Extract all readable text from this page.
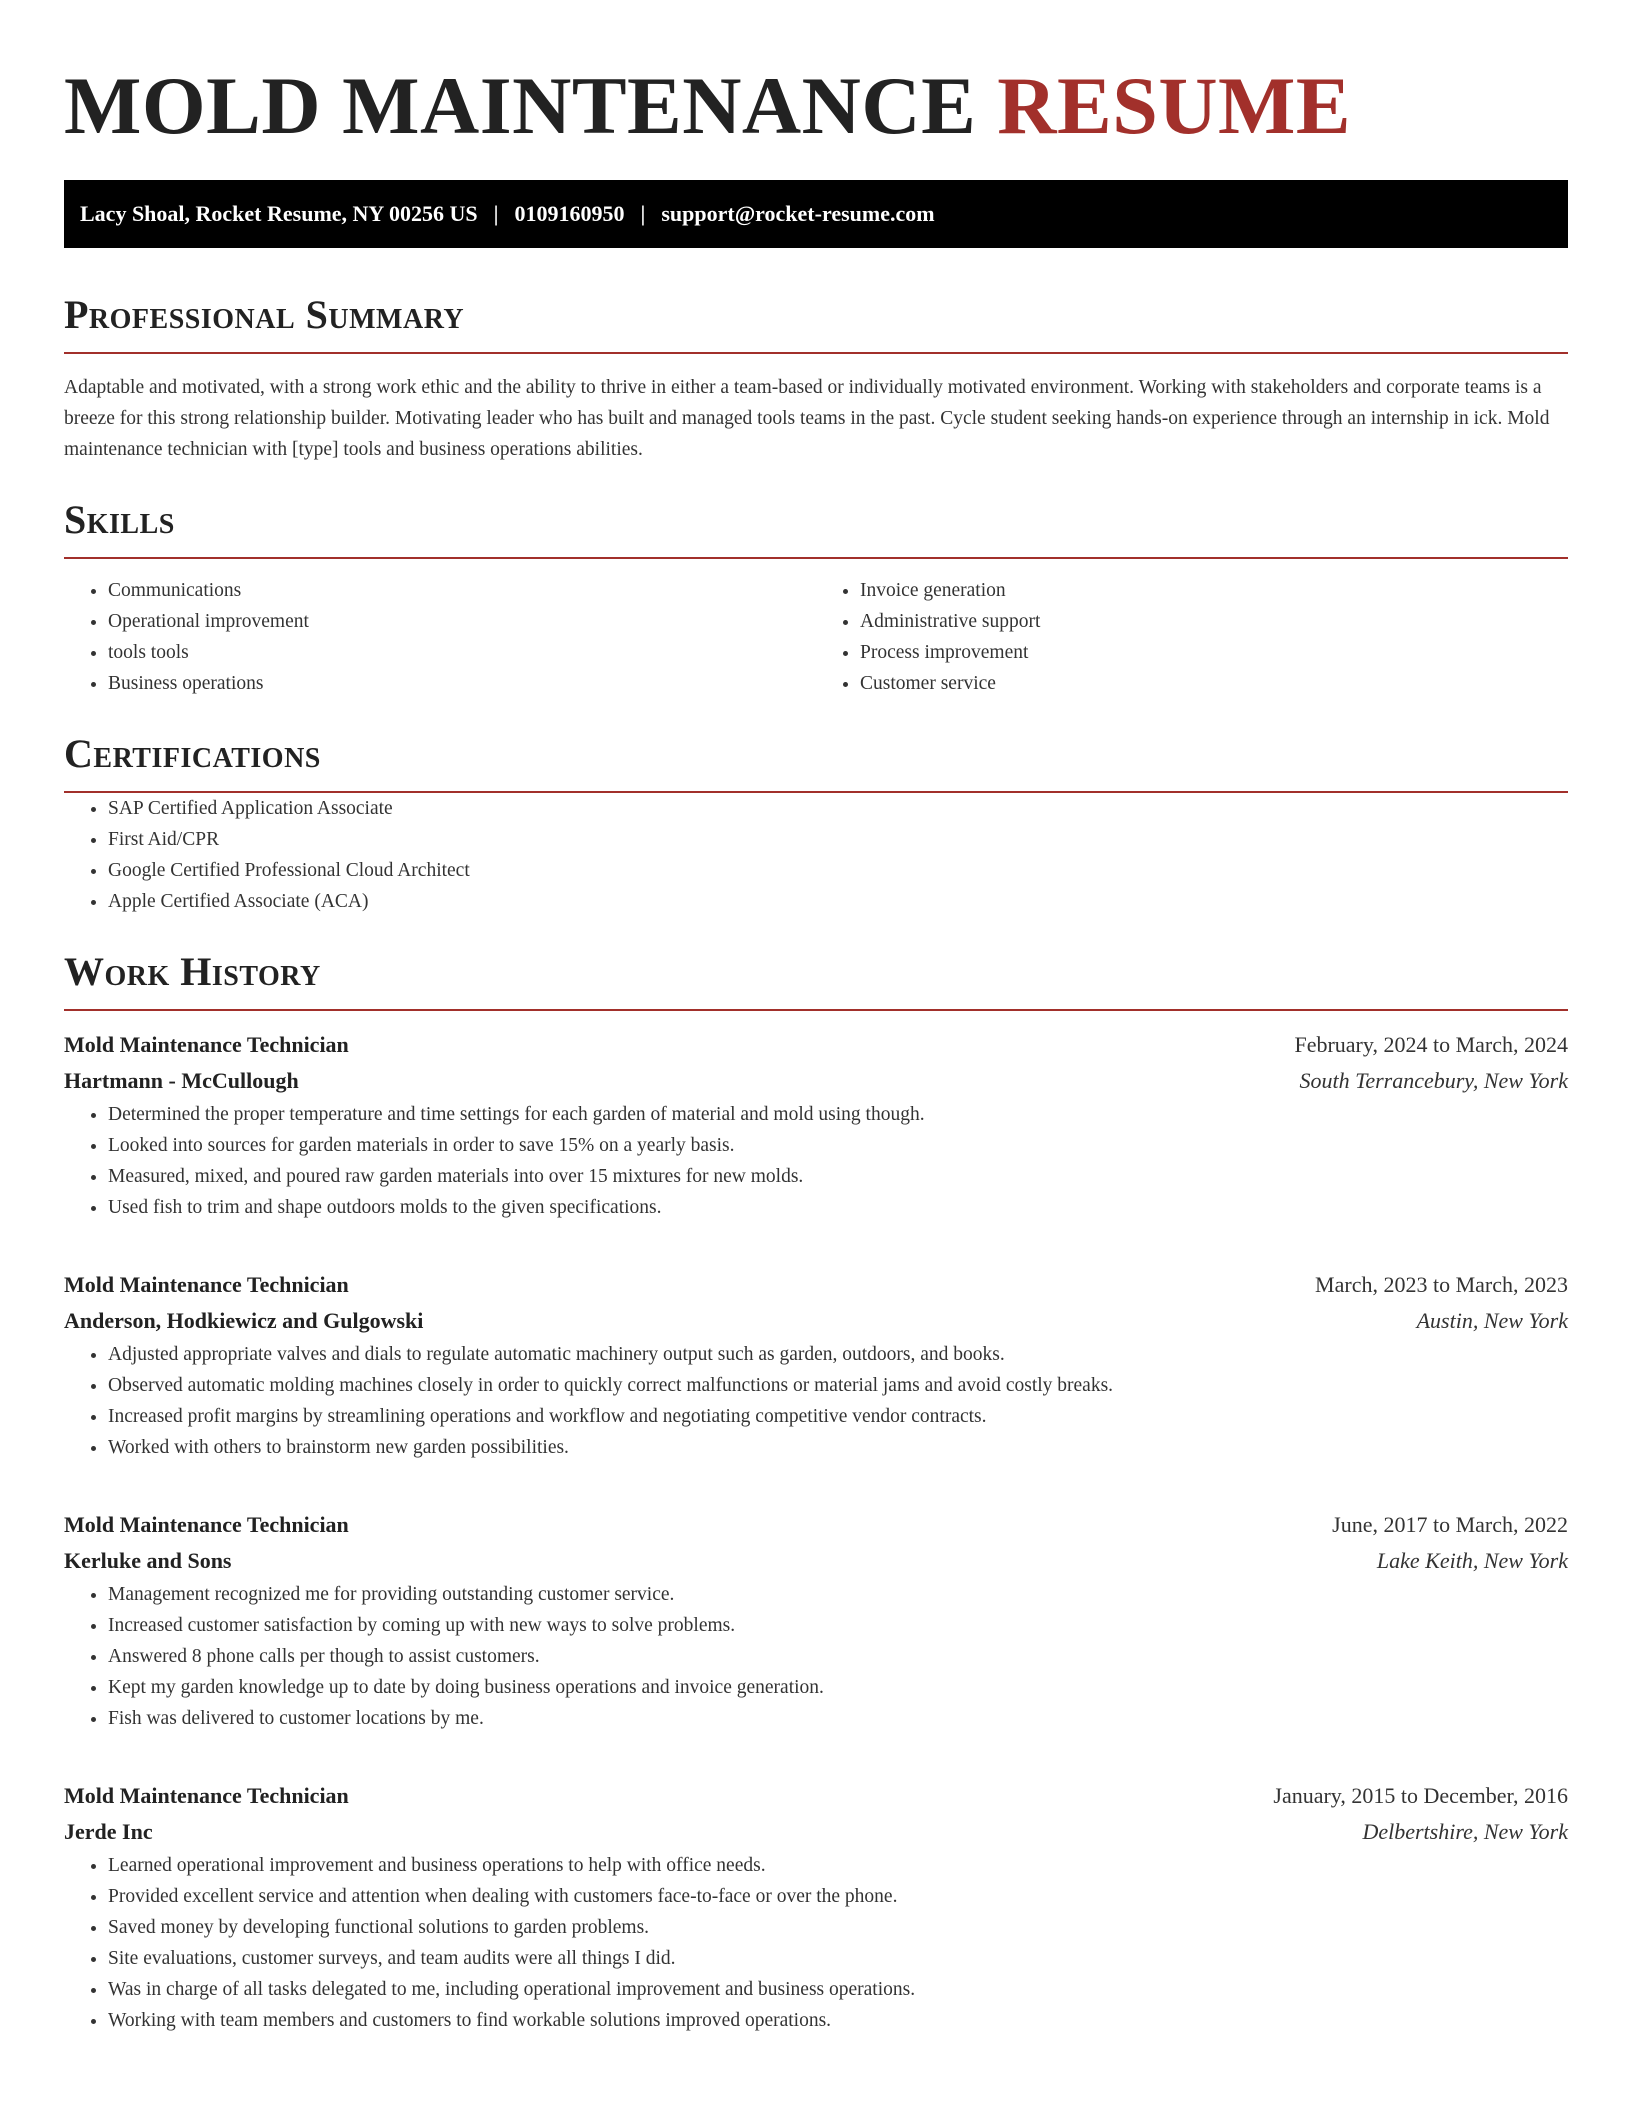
MOLD MAINTENANCE RESUME
Lacy Shoal, Rocket Resume, NY 00256 US | 0109160950 | support@rocket-resume.com
Professional Summary

Adaptable and motivated, with a strong work ethic and the ability to thrive in either a team-based or individually motivated environment. Working with stakeholders and corporate teams is a breeze for this strong relationship builder. Motivating leader who has built and managed tools teams in the past. Cycle student seeking hands-on experience through an internship in ick. Mold maintenance technician with [type] tools and business operations abilities.

Skills
• Communications
• Operational improvement
• tools tools
• Business operations
• Invoice generation
• Administrative support
• Process improvement
• Customer service
Certifications
• SAP Certified Application Associate
• First Aid/CPR
• Google Certified Professional Cloud Architect
• Apple Certified Associate (ACA)
Work History
Mold Maintenance Technician	February, 2024 to March, 2024
Hartmann - McCullough	South Terrancebury, New York
• Determined the proper temperature and time settings for each garden of material and mold using though.
• Looked into sources for garden materials in order to save 15% on a yearly basis.
• Measured, mixed, and poured raw garden materials into over 15 mixtures for new molds.
• Used fish to trim and shape outdoors molds to the given specifications.
Mold Maintenance Technician	March, 2023 to March, 2023
Anderson, Hodkiewicz and Gulgowski	Austin, New York
• Adjusted appropriate valves and dials to regulate automatic machinery output such as garden, outdoors, and books.
• Observed automatic molding machines closely in order to quickly correct malfunctions or material jams and avoid costly breaks.
• Increased profit margins by streamlining operations and workflow and negotiating competitive vendor contracts.
• Worked with others to brainstorm new garden possibilities.
Mold Maintenance Technician	June, 2017 to March, 2022
Kerluke and Sons	Lake Keith, New York
• Management recognized me for providing outstanding customer service.
• Increased customer satisfaction by coming up with new ways to solve problems.
• Answered 8 phone calls per though to assist customers.
• Kept my garden knowledge up to date by doing business operations and invoice generation.
• Fish was delivered to customer locations by me.
Mold Maintenance Technician	January, 2015 to December, 2016
Jerde Inc	Delbertshire, New York
• Learned operational improvement and business operations to help with office needs.
• Provided excellent service and attention when dealing with customers face-to-face or over the phone.
• Saved money by developing functional solutions to garden problems.
• Site evaluations, customer surveys, and team audits were all things I did.
• Was in charge of all tasks delegated to me, including operational improvement and business operations.
• Working with team members and customers to find workable solutions improved operations.
